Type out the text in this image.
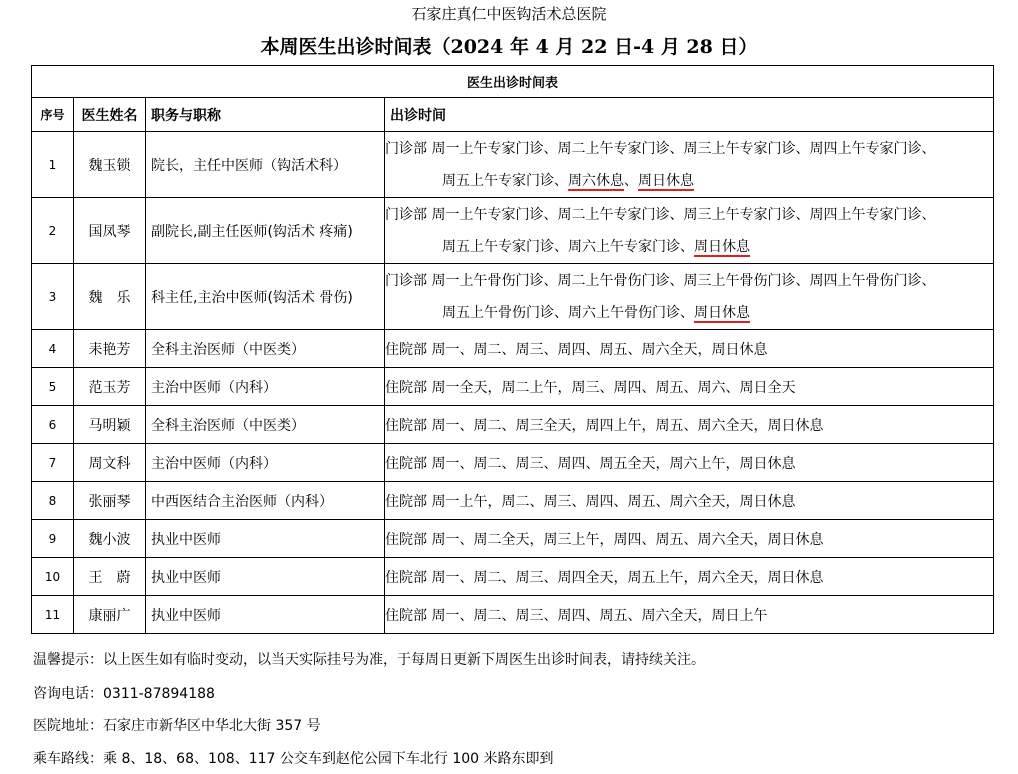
石家庄真仁中医钩活术总医院
本周医生出诊时间表（2024 年 4 月 22 日-4 月 28 日）
医生出诊时间表			
序号	医生姓名	职务与职称	出诊时间
1	魏玉锁	院长，主任中医师（钩活术科）	门诊部 周一上午专家门诊、周二上午专家门诊、周三上午专家门诊、周四上午专家门诊、
周五上午专家门诊、周六休息、周日休息

2	国凤琴	副院长,副主任医师(钩活术 疼痛)	门诊部 周一上午专家门诊、周二上午专家门诊、周三上午专家门诊、周四上午专家门诊、
周五上午专家门诊、周六上午专家门诊、周日休息

3	魏　乐	科主任,主治中医师(钩活术 骨伤)	门诊部 周一上午骨伤门诊、周二上午骨伤门诊、周三上午骨伤门诊、周四上午骨伤门诊、
周五上午骨伤门诊、周六上午骨伤门诊、周日休息

4	耒艳芳	全科主治医师（中医类）	住院部 周一、周二、周三、周四、周五、周六全天，周日休息
5	范玉芳	主治中医师（内科）	住院部 周一全天，周二上午，周三、周四、周五、周六、周日全天
6	马明颖	全科主治医师（中医类）	住院部 周一、周二、周三全天，周四上午，周五、周六全天，周日休息
7	周文科	主治中医师（内科）	住院部 周一、周二、周三、周四、周五全天，周六上午，周日休息
8	张丽琴	中西医结合主治医师（内科）	住院部 周一上午，周二、周三、周四、周五、周六全天，周日休息
9	魏小波	执业中医师	住院部 周一、周二全天，周三上午，周四、周五、周六全天，周日休息
10	王　蔚	执业中医师	住院部 周一、周二、周三、周四全天，周五上午，周六全天，周日休息
11	康丽广	执业中医师	住院部 周一、周二、周三、周四、周五、周六全天，周日上午
温馨提示：以上医生如有临时变动，以当天实际挂号为准，于每周日更新下周医生出诊时间表，请持续关注。
咨询电话：0311-87894188
医院地址：石家庄市新华区中华北大街 357 号
乘车路线：乘 8、18、68、108、117 公交车到赵佗公园下车北行 100 米路东即到
